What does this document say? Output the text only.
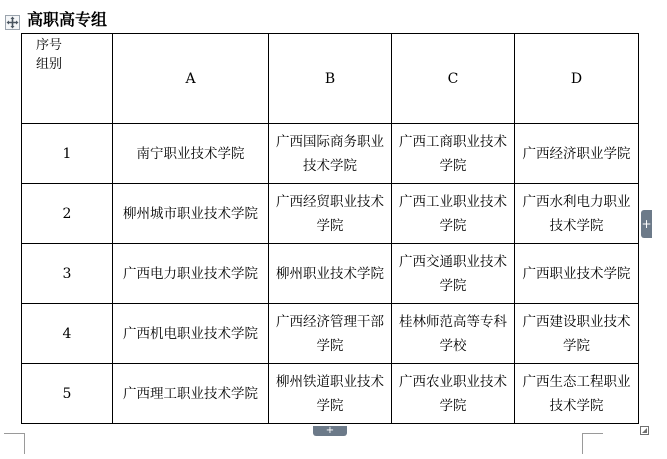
高职高专组
序号
组别	A	B	C	D
1	南宁职业技术学院	广西国际商务职业技术学院	广西工商职业技术学院	广西经济职业学院
2	柳州城市职业技术学院	广西经贸职业技术学院	广西工业职业技术学院	广西水利电力职业技术学院
3	广西电力职业技术学院	柳州职业技术学院	广西交通职业技术学院	广西职业技术学院
4	广西机电职业技术学院	广西经济管理干部学院	桂林师范高等专科学校	广西建设职业技术学院
5	广西理工职业技术学院	柳州铁道职业技术学院	广西农业职业技术学院	广西生态工程职业技术学院
+
+
